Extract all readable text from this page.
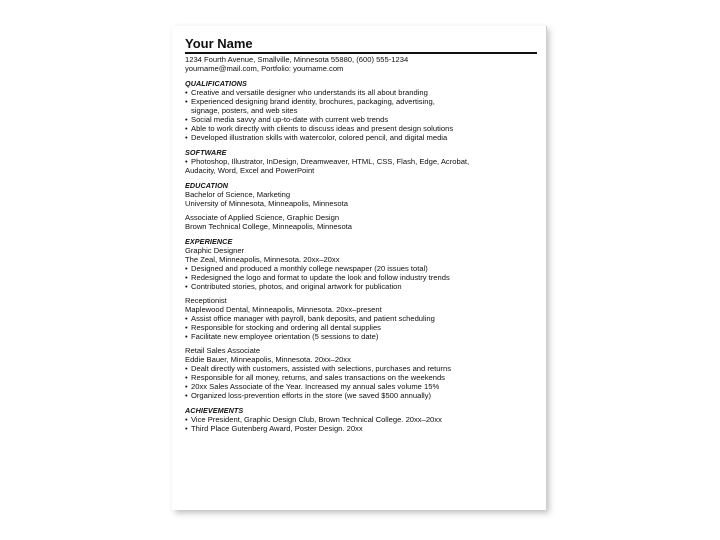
Your Name
1234 Fourth Avenue, Smallville, Minnesota 55880, (600) 555-1234
yourname@mail.com, Portfolio: yourname.com
QUALIFICATIONS
• Creative and versatile designer who understands its all about branding
• Experienced designing brand identity, brochures, packaging, advertising,
signage, posters, and web sites
• Social media savvy and up-to-date with current web trends
• Able to work directly with clients to discuss ideas and present design solutions
• Developed illustration skills with watercolor, colored pencil, and digital media
SOFTWARE
• Photoshop, Illustrator, InDesign, Dreamweaver, HTML, CSS, Flash, Edge, Acrobat,
Audacity, Word, Excel and PowerPoint
EDUCATION
Bachelor of Science, Marketing
University of Minnesota, Minneapolis, Minnesota
Associate of Applied Science, Graphic Design
Brown Technical College, Minneapolis, Minnesota
EXPERIENCE
Graphic Designer
The Zeal, Minneapolis, Minnesota. 20xx–20xx
• Designed and produced a monthly college newspaper (20 issues total)
• Redesigned the logo and format to update the look and follow industry trends
• Contributed stories, photos, and original artwork for publication
Receptionist
Maplewood Dental, Minneapolis, Minnesota. 20xx–present
• Assist office manager with payroll, bank deposits, and patient scheduling
• Responsible for stocking and ordering all dental supplies
• Facilitate new employee orientation (5 sessions to date)
Retail Sales Associate
Eddie Bauer, Minneapolis, Minnesota. 20xx–20xx
• Dealt directly with customers, assisted with selections, purchases and returns
• Responsible for all money, returns, and sales transactions on the weekends
• 20xx Sales Associate of the Year. Increased my annual sales volume 15%
• Organized loss-prevention efforts in the store (we saved $500 annually)
ACHIEVEMENTS
• Vice President, Graphic Design Club, Brown Technical College. 20xx–20xx
• Third Place Gutenberg Award, Poster Design. 20xx
